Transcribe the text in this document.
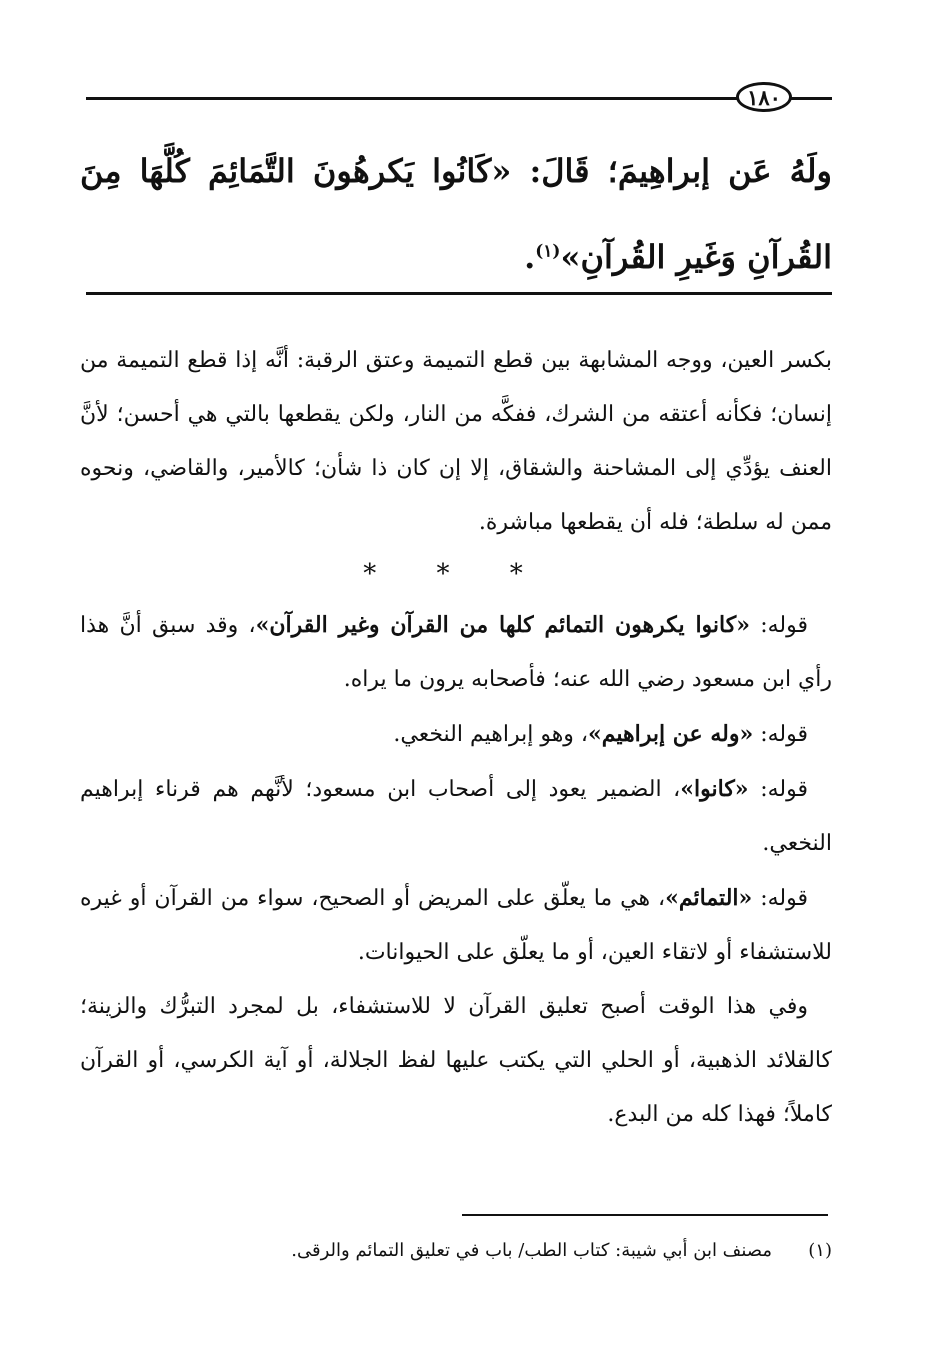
١٨٠
ولَهُ عَن إبراهِيمَ؛ قَالَ: «كَانُوا يَكرهُونَ التَّمَائِمَ كُلَّهَا مِنَ القُرآنِ وَغَيرِ القُرآنِ»$^{(١)}$.

بكسر العين، ووجه المشابهة بين قطع التميمة وعتق الرقبة: أنَّه إذا قطع التميمة من إنسان؛ فكأنه أعتقه من الشرك، ففكَّه من النار، ولكن يقطعها بالتي هي أحسن؛ لأنَّ العنف يؤدِّي إلى المشاحنة والشقاق، إلا إن كان ذا شأن؛ كالأمير، والقاضي، ونحوه ممن له سلطة؛ فله أن يقطعها مباشرة.

* * *

قوله: «كانوا يكرهون التمائم كلها من القرآن وغير القرآن»، وقد سبق أنَّ هذا رأي ابن مسعود رضي الله عنه؛ فأصحابه يرون ما يراه.

قوله: «وله عن إبراهيم»، وهو إبراهيم النخعي.

قوله: «كانوا»، الضمير يعود إلى أصحاب ابن مسعود؛ لأنَّهم هم قرناء إبراهيم النخعي.

قوله: «التمائم»، هي ما يعلّق على المريض أو الصحيح، سواء من القرآن أو غيره للاستشفاء أو لاتقاء العين، أو ما يعلّق على الحيوانات.

وفي هذا الوقت أصبح تعليق القرآن لا للاستشفاء، بل لمجرد التبرُّك والزينة؛ كالقلائد الذهبية، أو الحلي التي يكتب عليها لفظ الجلالة، أو آية الكرسي، أو القرآن كاملاً؛ فهذا كله من البدع.

(١)مصنف ابن أبي شيبة: كتاب الطب/ باب في تعليق التمائم والرقى.
